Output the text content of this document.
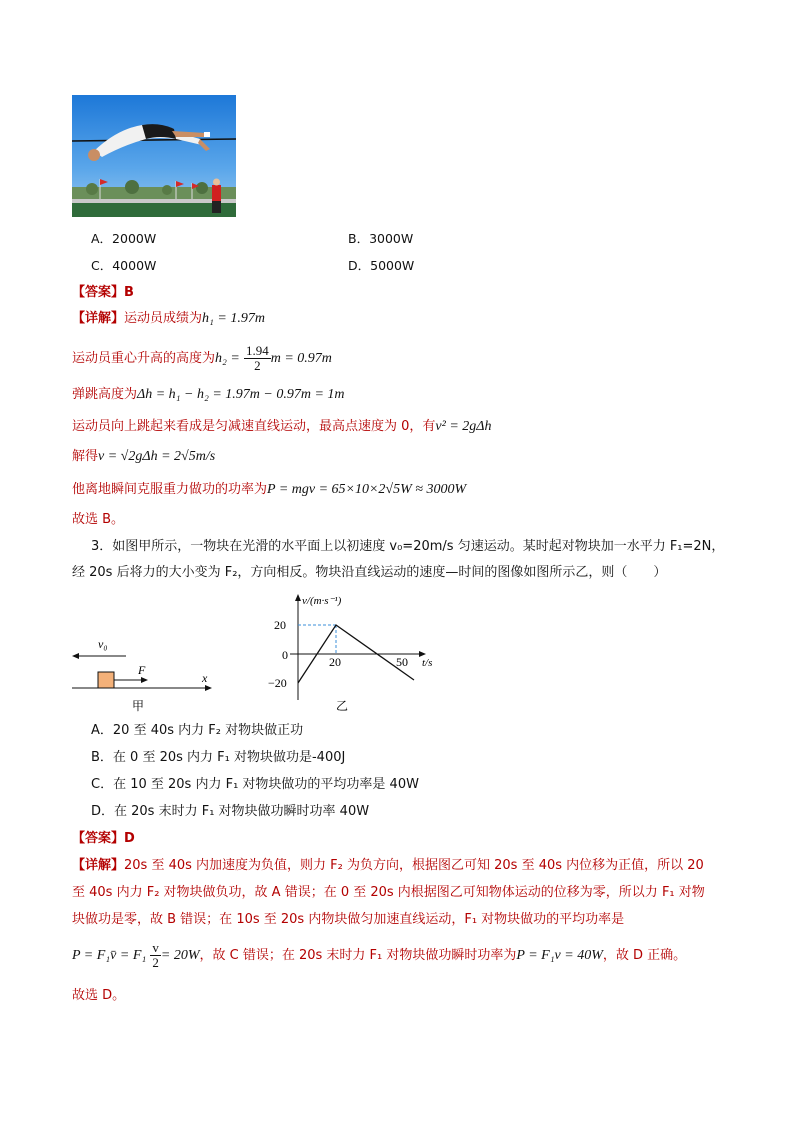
A．2000W	B．3000W
C．4000W	D．5000W
【答案】B
【详解】运动员成绩为h₁ = 1.97m
运动员重心升高的高度为$h_2 = \frac{1.94}{2}$ m = 0.97m
弹跳高度为Δh = h₁ − h₂ = 1.97m − 0.97m = 1m
运动员向上跳起来看成是匀减速直线运动，最高点速度为 0，有v² = 2gΔh
解得v = √2gΔh = 2√5m/s
他离地瞬间克服重力做功的功率为P = mgv = 65×10×2√5W ≈ 3000W
故选 B。
3．如图甲所示，一物块在光滑的水平面上以初速度 v₀=20m/s 匀速运动。某时起对物块加一水平力 F₁=2N，
经 20s 后将力的大小变为 F₂，方向相反。物块沿直线运动的速度—时间的图像如图所示乙，则（　　）
v₀
F
x
甲
v/(m·s⁻¹)
t/s
20
0
−20
20	50
乙
A．20 至 40s 内力 F₂ 对物块做正功
B．在 0 至 20s 内力 F₁ 对物块做功是-400J
C．在 10 至 20s 内力 F₁ 对物块做功的平均功率是 40W
D．在 20s 末时力 F₁ 对物块做功瞬时功率 40W
【答案】D
【详解】20s 至 40s 内加速度为负值，则力 F₂ 为负方向，根据图乙可知 20s 至 40s 内位移为正值，所以 20
至 40s 内力 F₂ 对物块做负功，故 A 错误；在 0 至 20s 内根据图乙可知物体运动的位移为零，所以力 F₁ 对物
块做功是零，故 B 错误；在 10s 至 20s 内物块做匀加速直线运动，F₁ 对物块做功的平均功率是
P = F₁v̄ = $F_1 \frac{v}{2} = 20W$，故 C 错误；在 20s 末时力 F₁ 对物块做功瞬时功率为P = F₁v = 40W，故 D 正确。
故选 D。
